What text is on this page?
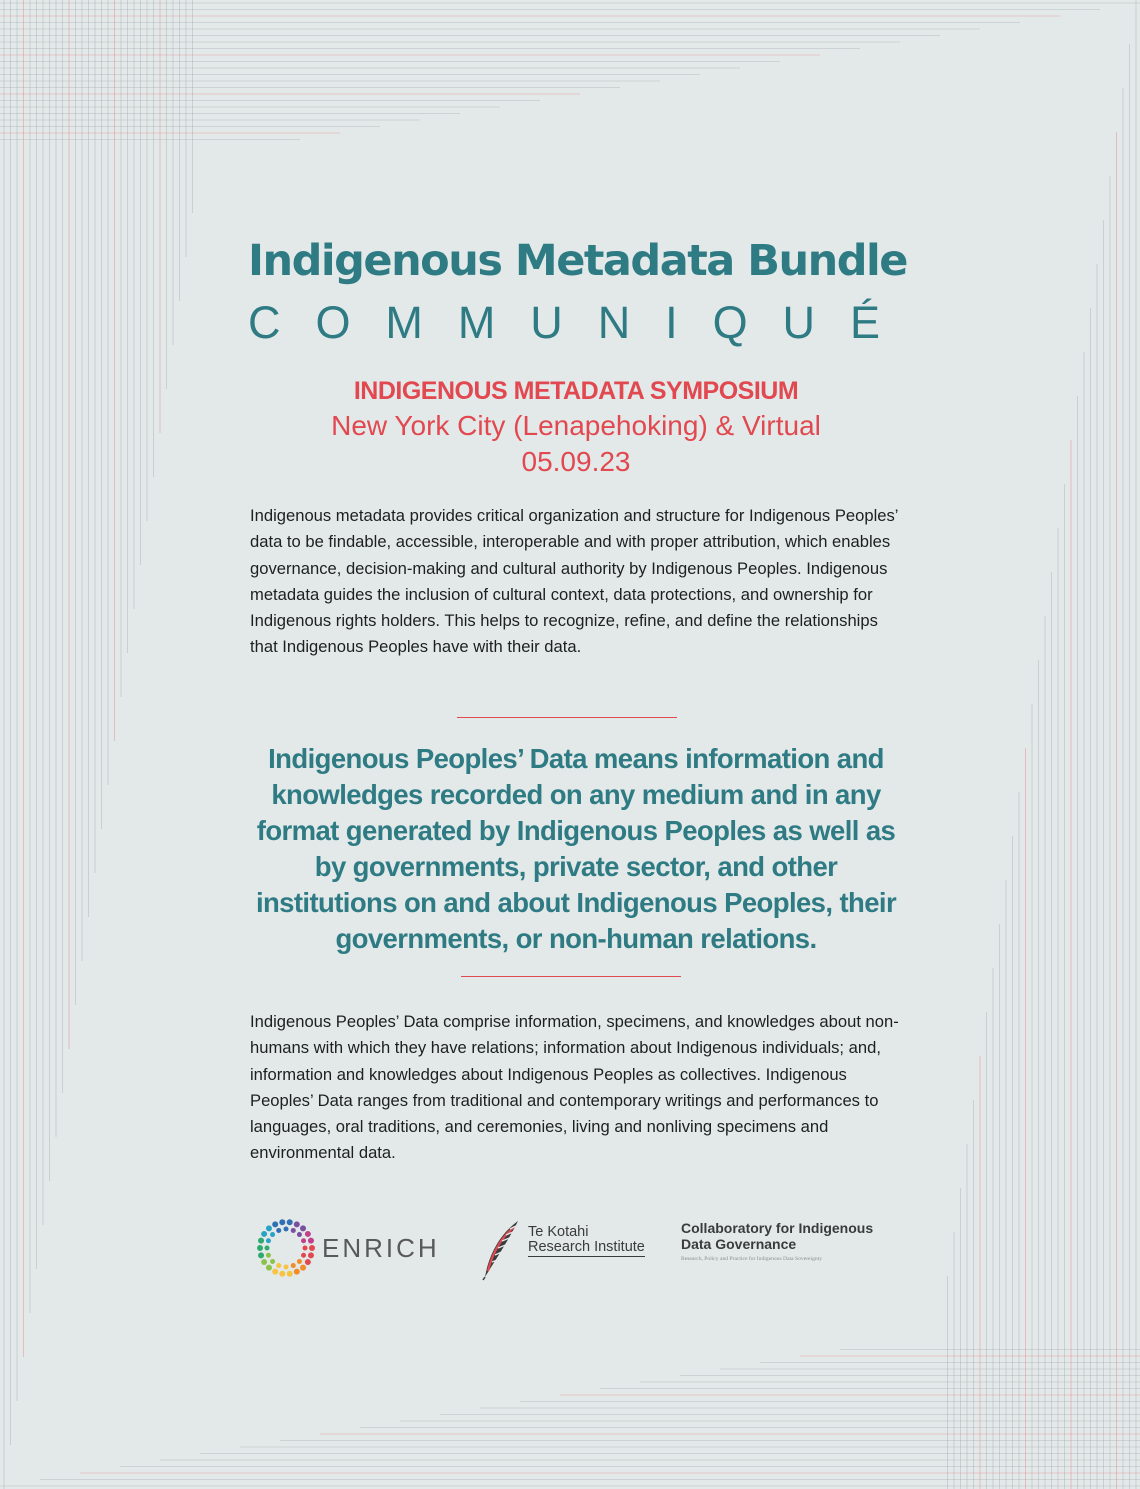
Indigenous Metadata Bundle
C O M M U N I Q U É
INDIGENOUS METADATA SYMPOSIUM
New York City (Lenapehoking) & Virtual
05.09.23

Indigenous metadata provides critical organization and structure for Indigenous Peoples’ data to be findable, accessible, interoperable and with proper attribution, which enables governance, decision-making and cultural authority by Indigenous Peoples. Indigenous metadata guides the inclusion of cultural context, data protections, and ownership for Indigenous rights holders. This helps to recognize, refine, and define the relationships that Indigenous Peoples have with their data.

Indigenous Peoples’ Data means information and knowledges recorded on any medium and in any format generated by Indigenous Peoples as well as by governments, private sector, and other institutions on and about Indigenous Peoples, their governments, or non-human relations.

Indigenous Peoples’ Data comprise information, specimens, and knowledges about non-humans with which they have relations; information about Indigenous individuals; and, information and knowledges about Indigenous Peoples as collectives. Indigenous Peoples’ Data ranges from traditional and contemporary writings and performances to languages, oral traditions, and ceremonies, living and nonliving specimens and environmental data.

ENRICH
Te Kotahi
Research Institute
Collaboratory for Indigenous
Data Governance
Research, Policy and Practice for Indigenous Data Sovereignty
